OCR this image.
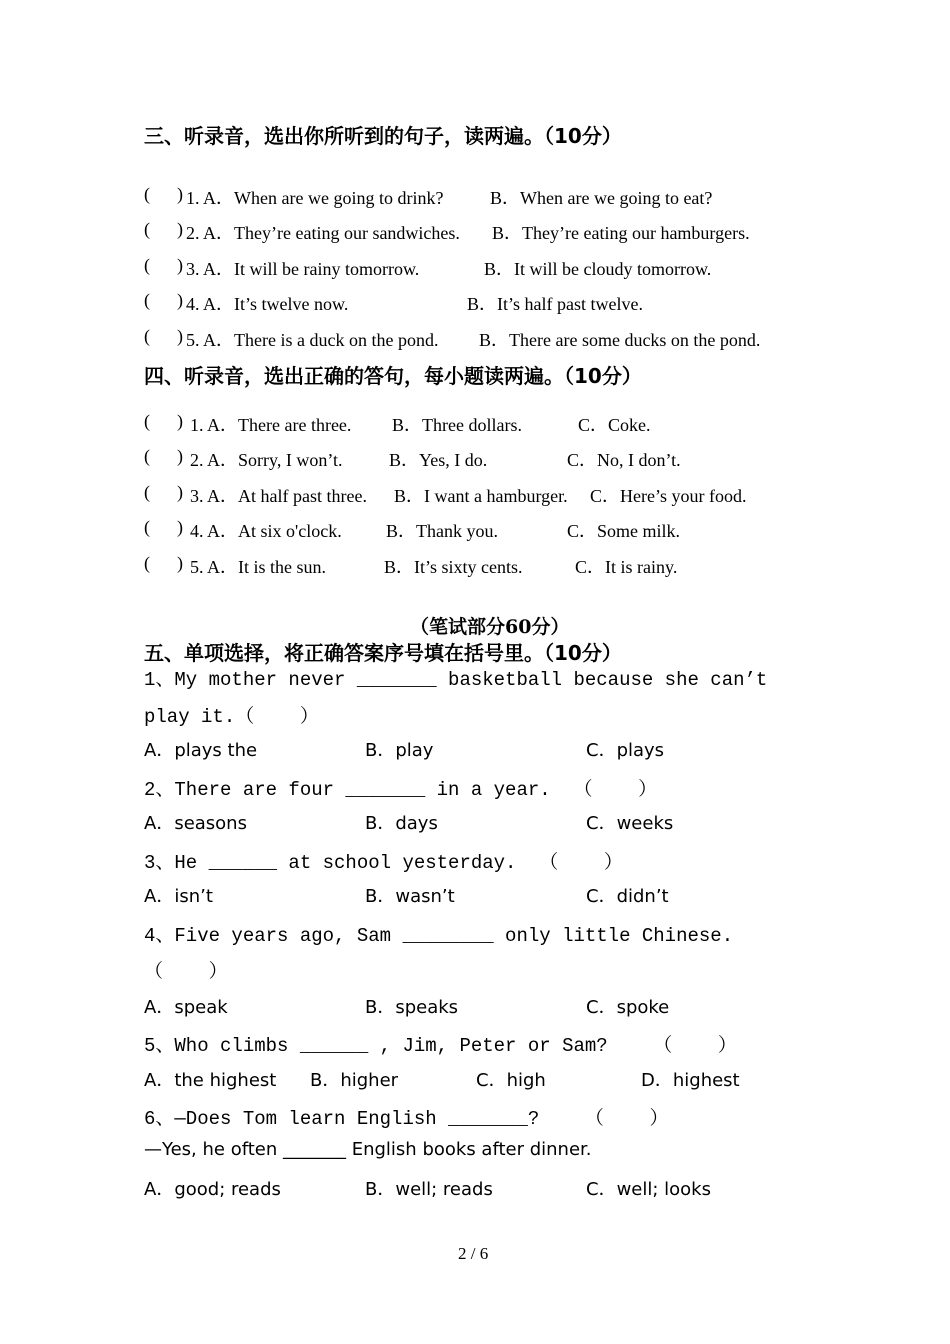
三、听录音，选出你所听到的句子，读两遍。（10分）
(      ) 1. A．When are we going to drink?	B．When are we going to eat?
(      ) 2. A．They’re eating our sandwiches. B．They’re eating our hamburgers.
(      ) 3. A．It will be rainy tomorrow.	B．It will be cloudy tomorrow.
(      ) 4. A．It’s twelve now.	B．It’s half past twelve.
(      ) 5. A．There is a duck on the pond. B．There are some ducks on the pond.
四、听录音，选出正确的答句，每小题读两遍。（10分）
(      ) 1. A．There are three. B．Three dollars.	C．Coke.
(      ) 2. A．Sorry, I won’t.	B．Yes, I do.	C．No, I don’t.
(      ) 3. A．At half past three. B．I want a hamburger. C．Here’s your food.
(      ) 4. A．At six o'clock. B．Thank you.	C．Some milk.
(      ) 5. A．It is the sun.	B．It’s sixty cents.	C．It is rainy.
（笔试部分60分）
五、单项选择，将正确答案序号填在括号里。（10分）
1、My mother never _______ basketball because she can’t
play it.（    ）
A．plays the	B．play	C．plays
2、There are four _______ in a year.  （    ）
A．seasons	B．days	C．weeks
3、He ______ at school yesterday.  （    ）
A．isn’t	B．wasn’t	C．didn’t
4、Five years ago, Sam ________ only little Chinese.
（    ）
A．speak	B．speaks	C．spoke
5、Who climbs ______ , Jim, Peter or Sam?    （    ）
A．the highest B．higher	C．high	D．highest
6、—Does Tom learn English _______?    （    ）
—Yes, he often _______ English books after dinner.
A．good; reads	B．well; reads	C．well; looks
2 / 6
